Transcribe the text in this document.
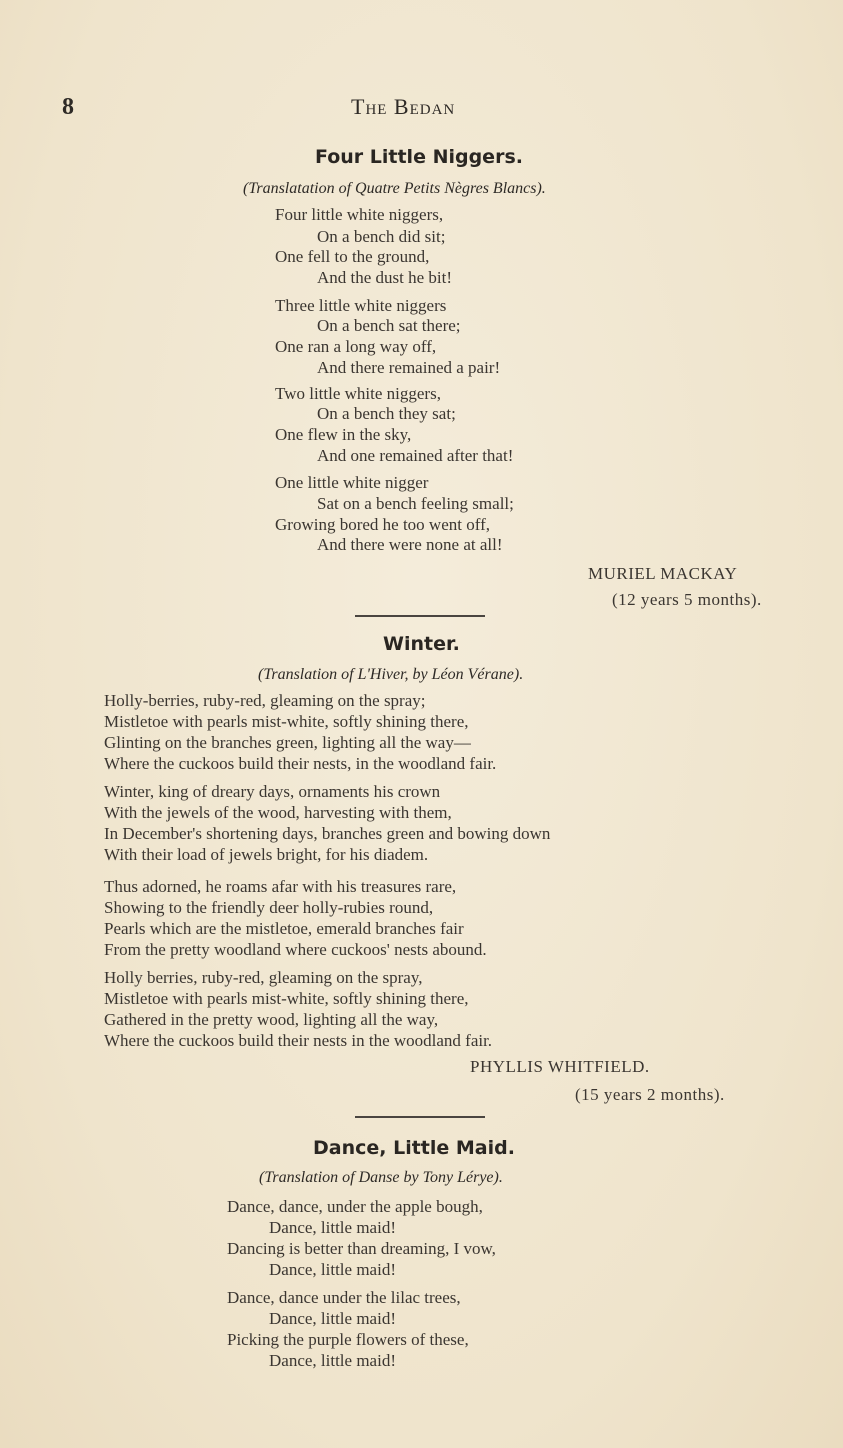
8	The Bedan
Four Little Niggers.
(Translatation of Quatre Petits Nègres Blancs).
Four little white niggers,
On a bench did sit;
One fell to the ground,
And the dust he bit!
Three little white niggers
On a bench sat there;
One ran a long way off,
And there remained a pair!
Two little white niggers,
On a bench they sat;
One flew in the sky,
And one remained after that!
One little white nigger
Sat on a bench feeling small;
Growing bored he too went off,
And there were none at all!
MURIEL MACKAY
(12 years 5 months).
Winter.
(Translation of L'Hiver, by Léon Vérane).
Holly-berries, ruby-red, gleaming on the spray;
Mistletoe with pearls mist-white, softly shining there,
Glinting on the branches green, lighting all the way—
Where the cuckoos build their nests, in the woodland fair.
Winter, king of dreary days, ornaments his crown
With the jewels of the wood, harvesting with them,
In December's shortening days, branches green and bowing down
With their load of jewels bright, for his diadem.
Thus adorned, he roams afar with his treasures rare,
Showing to the friendly deer holly-rubies round,
Pearls which are the mistletoe, emerald branches fair
From the pretty woodland where cuckoos' nests abound.
Holly berries, ruby-red, gleaming on the spray,
Mistletoe with pearls mist-white, softly shining there,
Gathered in the pretty wood, lighting all the way,
Where the cuckoos build their nests in the woodland fair.
PHYLLIS WHITFIELD.
(15 years 2 months).
Dance, Little Maid.
(Translation of Danse by Tony Lérye).
Dance, dance, under the apple bough,
Dance, little maid!
Dancing is better than dreaming, I vow,
Dance, little maid!
Dance, dance under the lilac trees,
Dance, little maid!
Picking the purple flowers of these,
Dance, little maid!
